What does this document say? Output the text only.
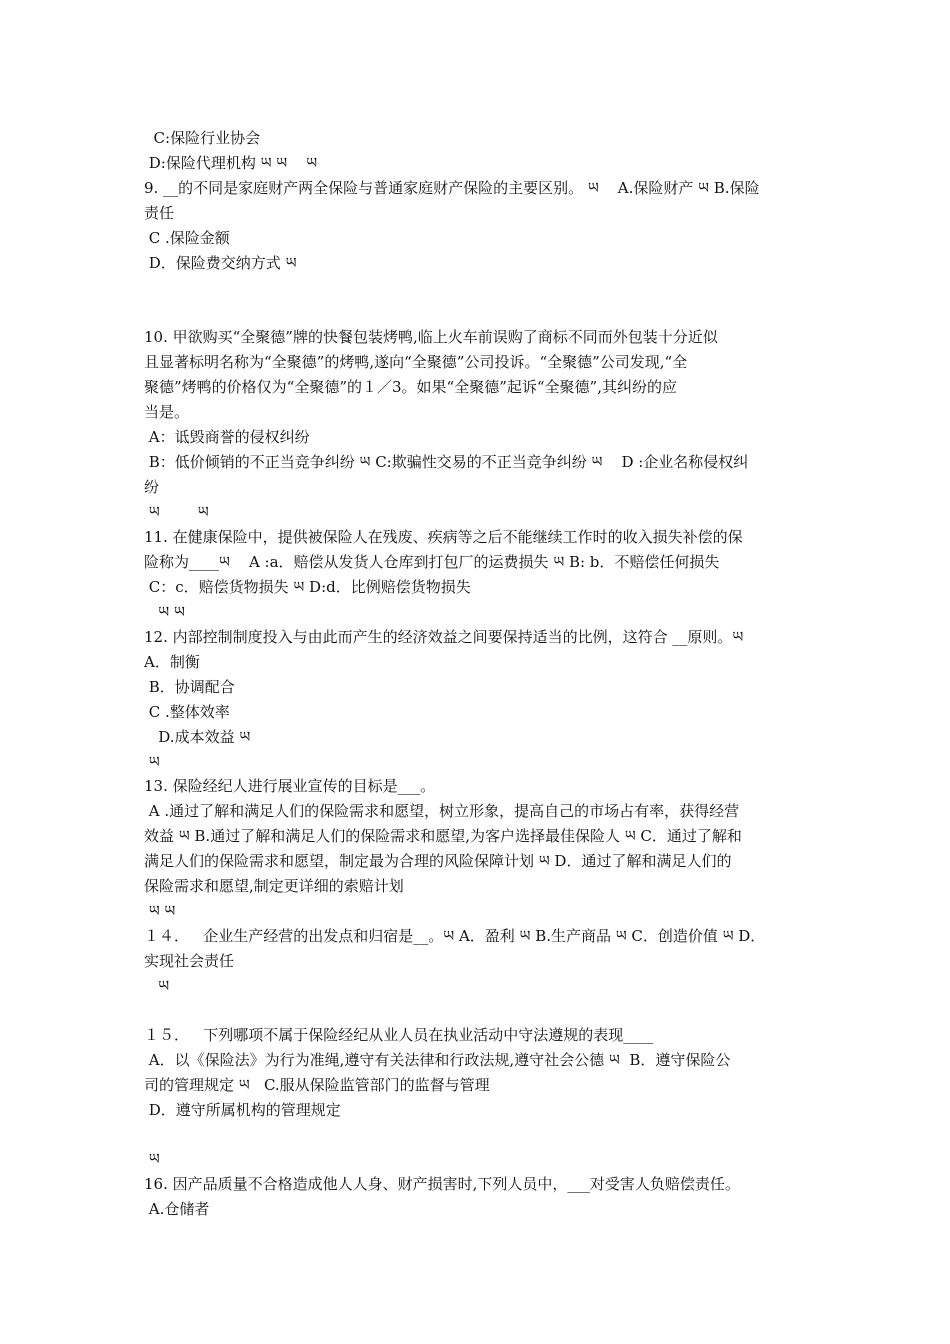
C:保险行业协会
D:保险代理机构 ཡ ཡ    ཡ
9. __的不同是家庭财产两全保险与普通家庭财产保险的主要区别。 ཡ    A.保险财产 ཡ B.保险
责任
C .保险金额
D．保险费交纳方式 ཡ
10. 甲欲购买“全聚德”牌的快餐包装烤鸭,临上火车前误购了商标不同而外包装十分近似
且显著标明名称为“全聚德”的烤鸭,遂向“全聚德”公司投诉。“全聚德”公司发现,“全
聚德”烤鸭的价格仅为“全聚德”的１／3。如果“全聚德”起诉“全聚德”,其纠纷的应
当是。
A：诋毁商誉的侵权纠纷
B：低价倾销的不正当竞争纠纷 ཡ C:欺骗性交易的不正当竞争纠纷 ཡ    D :企业名称侵权纠
纷
ཡ        ཡ
11. 在健康保险中，提供被保险人在残废、疾病等之后不能继续工作时的收入损失补偿的保
险称为____ཡ    A :a．赔偿从发货人仓库到打包厂的运费损失 ཡ B: b．不赔偿任何损失
C：c．赔偿货物损失 ཡ D:d．比例赔偿货物损失
ཡ ཡ
12. 内部控制制度投入与由此而产生的经济效益之间要保持适当的比例，这符合 __原则。ཡ
A．制衡
B．协调配合
C .整体效率
D.成本效益 ཡ
ཡ
13. 保险经纪人进行展业宣传的目标是___。
A .通过了解和满足人们的保险需求和愿望，树立形象，提高自己的市场占有率，获得经营
效益 ཡ B.通过了解和满足人们的保险需求和愿望,为客户选择最佳保险人 ཡ C．通过了解和
满足人们的保险需求和愿望，制定最为合理的风险保障计划 ཡ D．通过了解和满足人们的
保险需求和愿望,制定更详细的索赔计划
ཡ ཡ
１４．   企业生产经营的出发点和归宿是__。ཡ A．盈利 ཡ B.生产商品 ཡ C．创造价值 ཡ D．
实现社会责任
ཡ
１５．   下列哪项不属于保险经纪从业人员在执业活动中守法遵规的表现____
A．以《保险法》为行为准绳,遵守有关法律和行政法规,遵守社会公德 ཡ  B．遵守保险公
司的管理规定 ཡ   C.服从保险监管部门的监督与管理
D．遵守所属机构的管理规定
ཡ
16. 因产品质量不合格造成他人人身、财产损害时,下列人员中，___对受害人负赔偿责任。
A.仓储者
